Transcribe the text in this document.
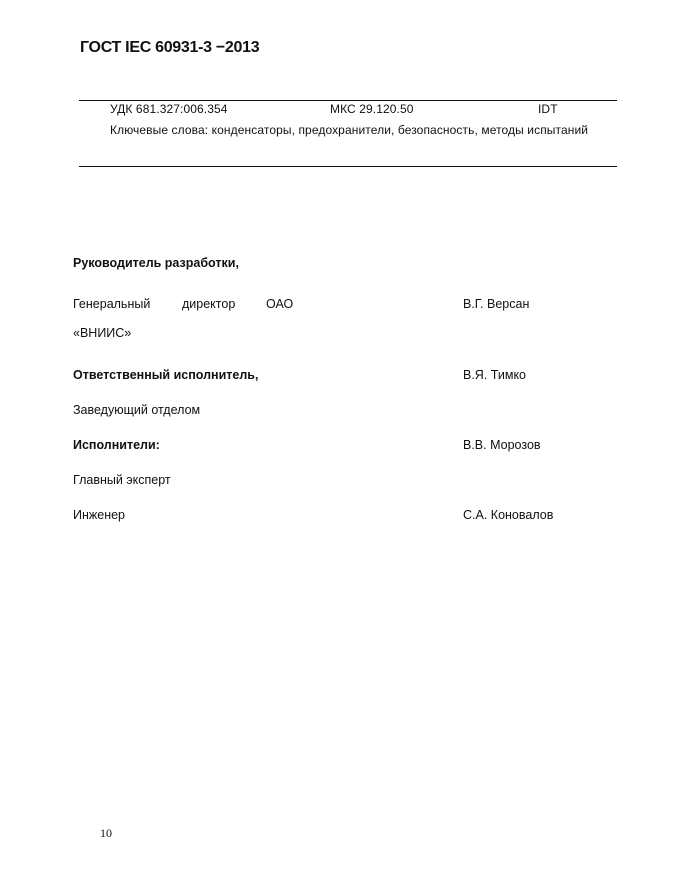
ГОСТ IEC 60931-3 −2013
УДК 681.327:006.354	МКС 29.120.50	IDT
Ключевые слова: конденсаторы, предохранители, безопасность, методы испытаний
Руководитель разработки,
Генеральный	директор ОАО	В.Г. Версан
«ВНИИС»
Ответственный исполнитель,	В.Я. Тимко
Заведующий отделом
Исполнители:	В.В. Морозов
Главный эксперт
Инженер	С.А. Коновалов
10
